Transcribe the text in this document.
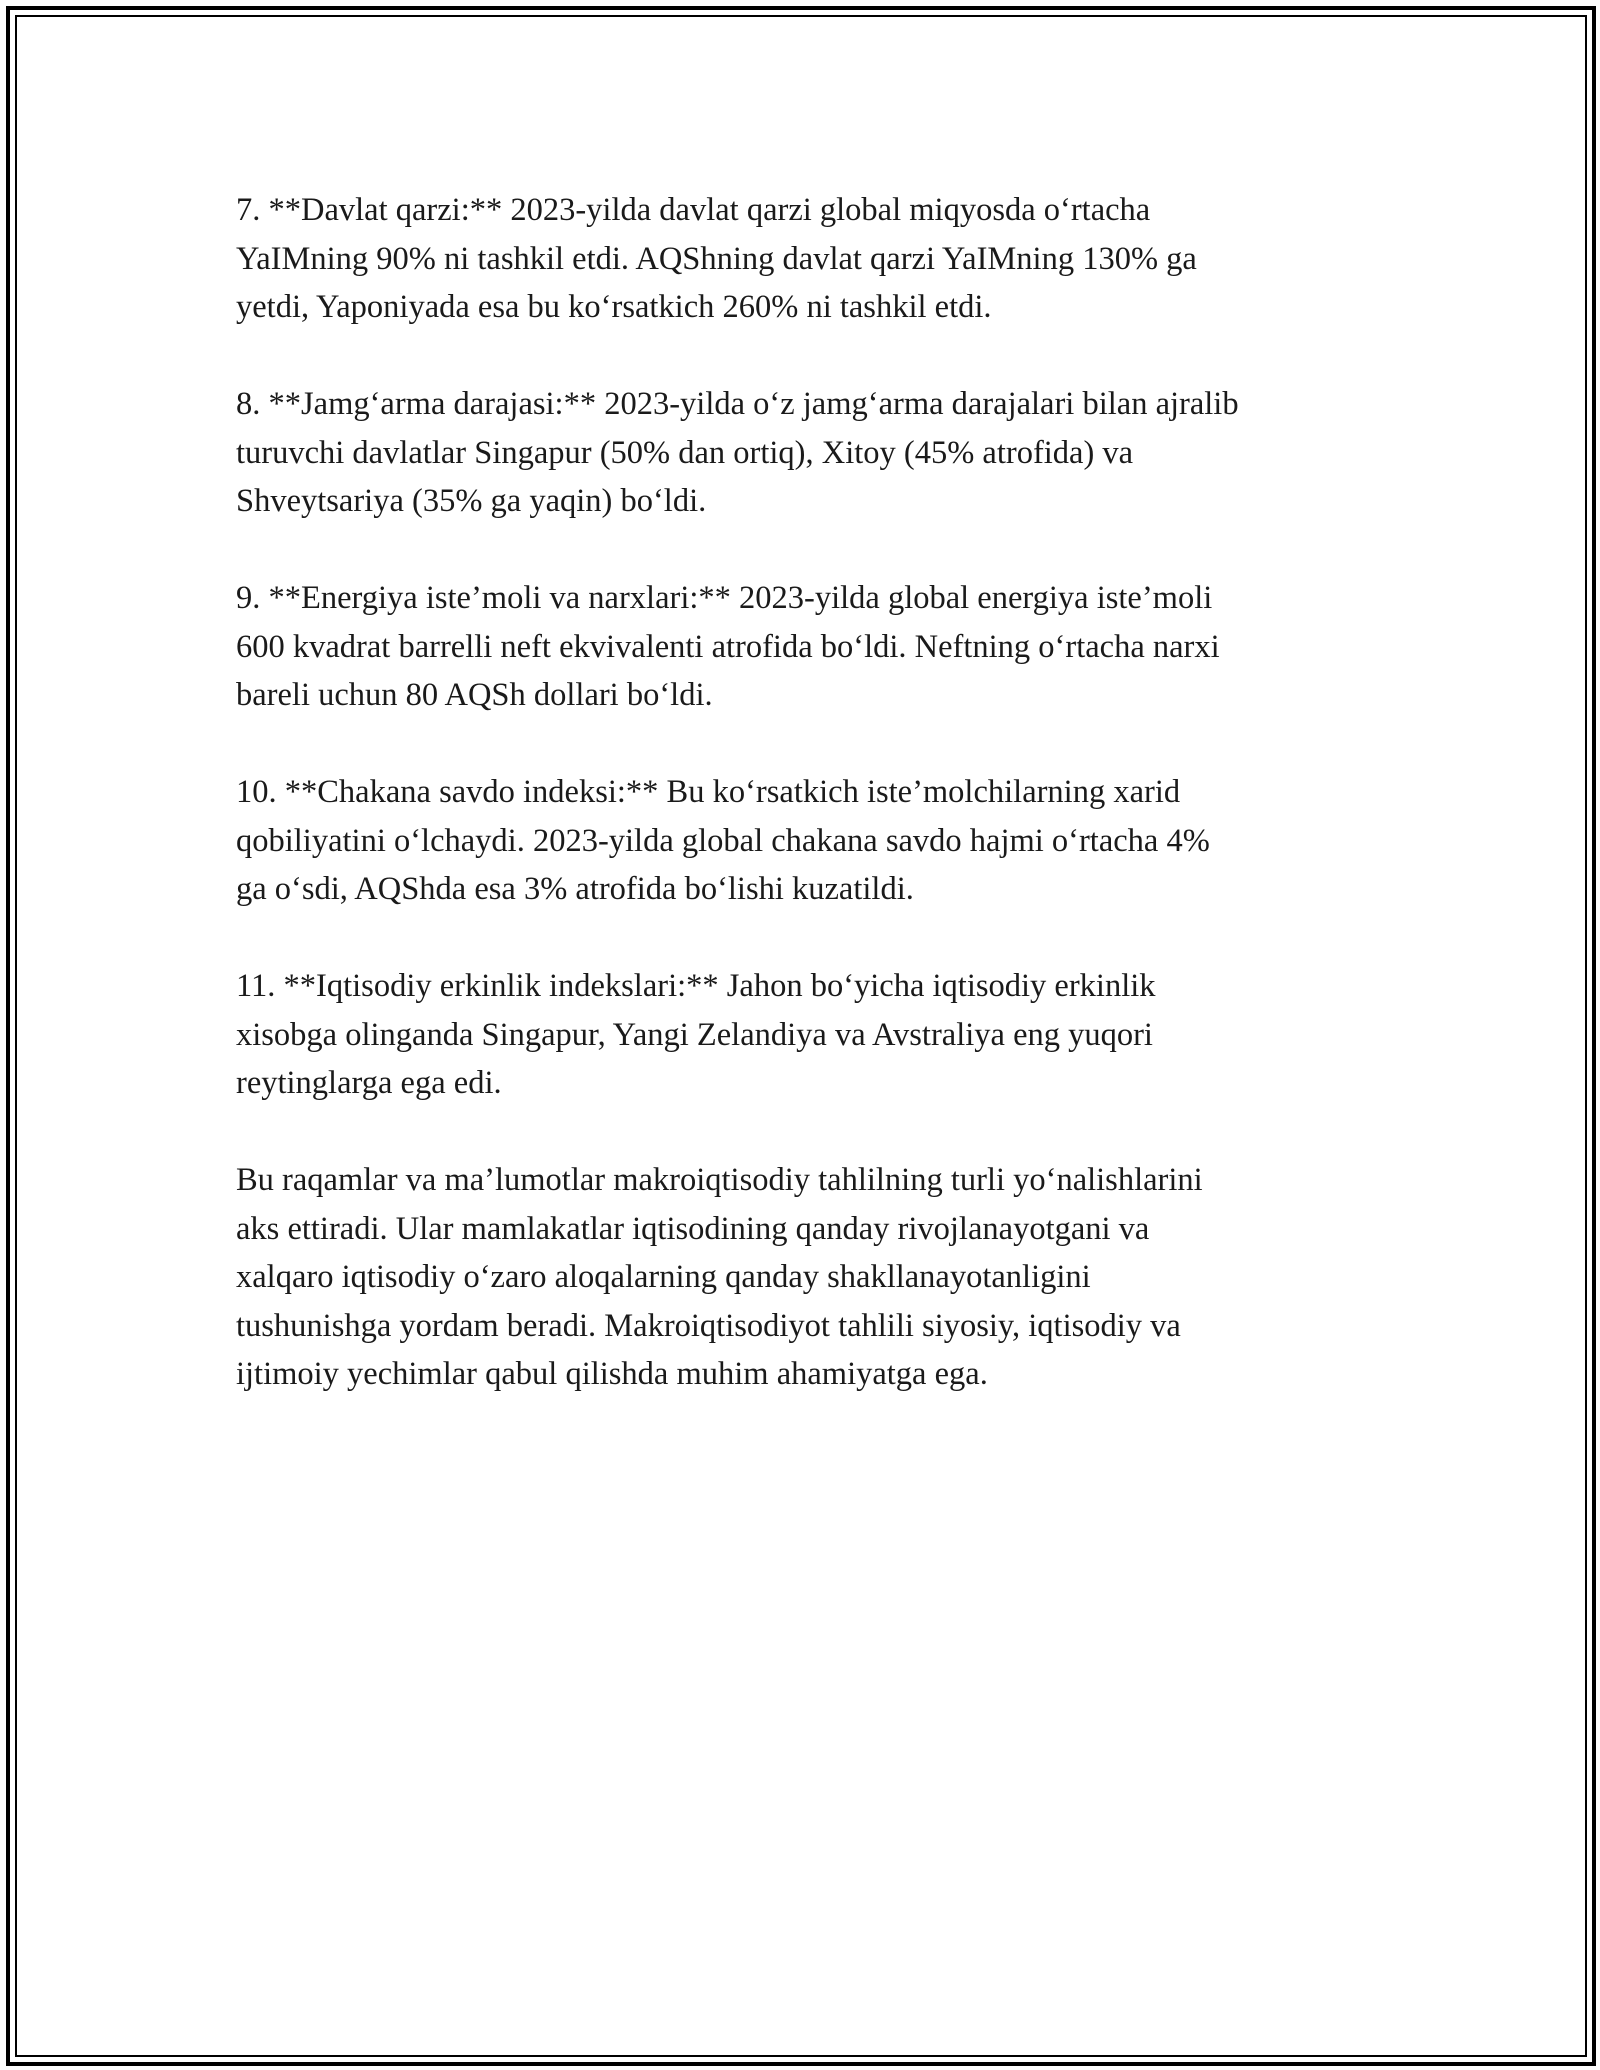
7. **Davlat qarzi:** 2023-yilda davlat qarzi global miqyosda o‘rtacha
YaIMning 90% ni tashkil etdi. AQShning davlat qarzi YaIMning 130% ga
yetdi, Yaponiyada esa bu ko‘rsatkich 260% ni tashkil etdi.

8. **Jamg‘arma darajasi:** 2023-yilda o‘z jamg‘arma darajalari bilan ajralib
turuvchi davlatlar Singapur (50% dan ortiq), Xitoy (45% atrofida) va
Shveytsariya (35% ga yaqin) bo‘ldi.

9. **Energiya iste’moli va narxlari:** 2023-yilda global energiya iste’moli
600 kvadrat barrelli neft ekvivalenti atrofida bo‘ldi. Neftning o‘rtacha narxi
bareli uchun 80 AQSh dollari bo‘ldi.

10. **Chakana savdo indeksi:** Bu ko‘rsatkich iste’molchilarning xarid
qobiliyatini o‘lchaydi. 2023-yilda global chakana savdo hajmi o‘rtacha 4%
ga o‘sdi, AQShda esa 3% atrofida bo‘lishi kuzatildi.

11. **Iqtisodiy erkinlik indekslari:** Jahon bo‘yicha iqtisodiy erkinlik
xisobga olinganda Singapur, Yangi Zelandiya va Avstraliya eng yuqori
reytinglarga ega edi.

Bu raqamlar va ma’lumotlar makroiqtisodiy tahlilning turli yo‘nalishlarini
aks ettiradi. Ular mamlakatlar iqtisodining qanday rivojlanayotgani va
xalqaro iqtisodiy o‘zaro aloqalarning qanday shakllanayotanligini
tushunishga yordam beradi. Makroiqtisodiyot tahlili siyosiy, iqtisodiy va
ijtimoiy yechimlar qabul qilishda muhim ahamiyatga ega.
